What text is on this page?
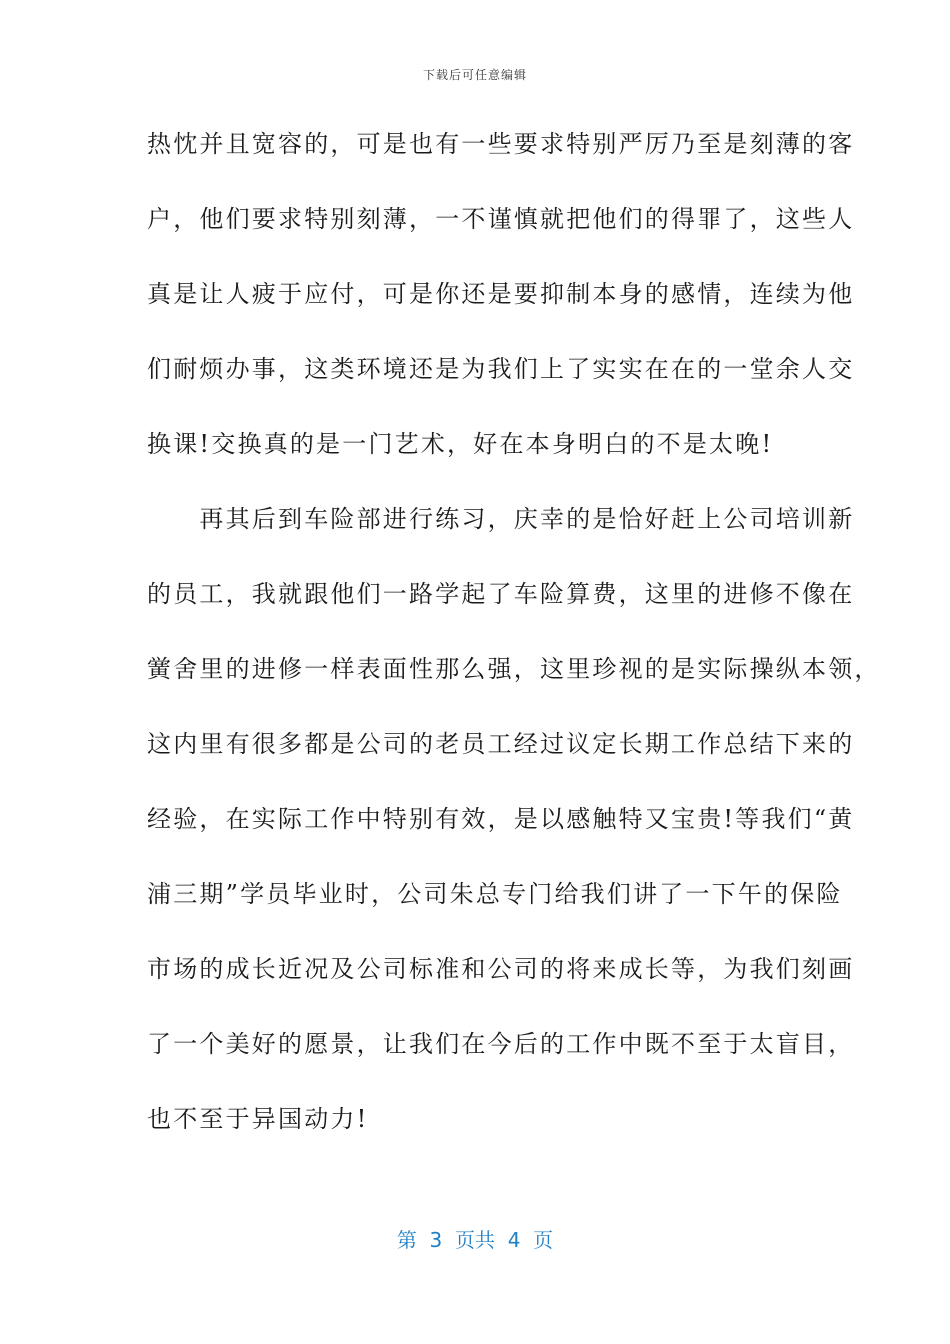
下载后可任意编辑
热忱并且宽容的，可是也有一些要求特别严厉乃至是刻薄的客
户，他们要求特别刻薄，一不谨慎就把他们的得罪了，这些人
真是让人疲于应付，可是你还是要抑制本身的感情，连续为他
们耐烦办事，这类环境还是为我们上了实实在在的一堂余人交
换课!交换真的是一门艺术，好在本身明白的不是太晚!
　　再其后到车险部进行练习，庆幸的是恰好赶上公司培训新
的员工，我就跟他们一路学起了车险算费，这里的进修不像在
黉舍里的进修一样表面性那么强，这里珍视的是实际操纵本领，
这内里有很多都是公司的老员工经过议定长期工作总结下来的
经验，在实际工作中特别有效，是以感触特又宝贵!等我们“黄
浦三期”学员毕业时，公司朱总专门给我们讲了一下午的保险
市场的成长近况及公司标准和公司的将来成长等，为我们刻画
了一个美好的愿景，让我们在今后的工作中既不至于太盲目，
也不至于异国动力!
第  3  页共  4  页
